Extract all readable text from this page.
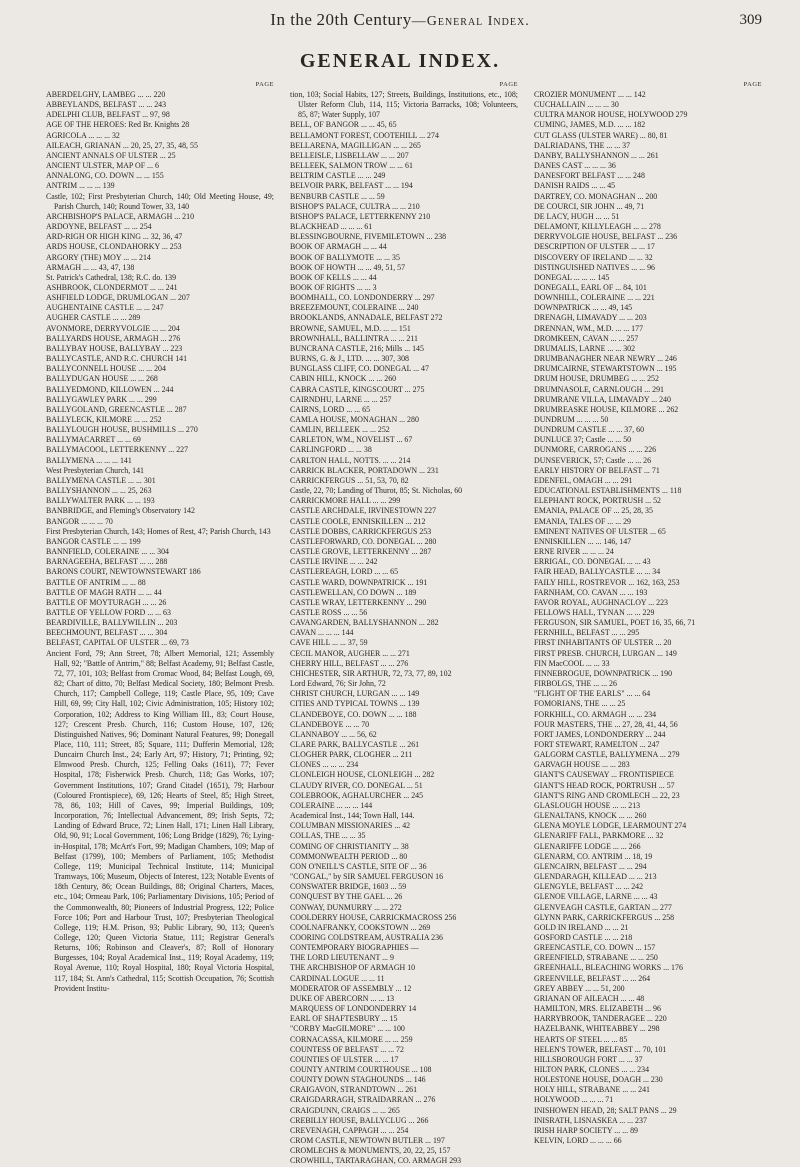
In the 20th Century—General Index.	309
GENERAL INDEX.
PAGE
ABERDELGHY, LAMBEG ... ... 220
ABBEYLANDS, BELFAST ... ... 243
ADELPHI CLUB, BELFAST ... 97, 98
AGE OF THE HEROES: Red Br. Knights 28
AGRICOLA ... ... ... 32
AILEACH, GRIANAN ... 20, 25, 27, 35, 48, 55
ANCIENT ANNALS OF ULSTER ... 25
ANCIENT ULSTER, MAP OF ... 6
ANNALONG, CO. DOWN ... ... 155
ANTRIM ... ... ... 139
Castle, 102; First Presbyterian Church, 140; Old Meeting House, 49; Parish Church, 140; Round Tower, 33, 140
ARCHBISHOP'S PALACE, ARMAGH ... 210
ARDOYNE, BELFAST ... ... 254
ARD-RIGH OR HIGH KING ... 32, 36, 47
ARDS HOUSE, CLONDAHORKY ... 253
ARGORY (THE) MOY ... ... 214
ARMAGH ... ... 43, 47, 138
St. Patrick's Cathedral, 138; R.C. do. 139
ASHBROOK, CLONDERMOT ... ... 241
ASHFIELD LODGE, DRUMLOGAN ... 207
AUGHENTAINE CASTLE ... ... 247
AUGHER CASTLE ... ... 289
AVONMORE, DERRYVOLGIE ... ... 204
BALLYARDS HOUSE, ARMAGH ... 276
BALLYBAY HOUSE, BALLYBAY ... 223
BALLYCASTLE, AND R.C. CHURCH 141
BALLYCONNELL HOUSE ... ... 204
BALLYDUGAN HOUSE ... ... 268
BALLYEDMOND, KILLOWEN ... 244
BALLYGAWLEY PARK ... ... 299
BALLYGOLAND, GREENCASTLE ... 287
BALLYLECK, KILMORE ... ... 252
BALLYLOUGH HOUSE, BUSHMILLS ... 270
BALLYMACARRET ... ... 69
BALLYMACOOL, LETTERKENNY ... 227
BALLYMENA ... ... ... 141
West Presbyterian Church, 141
BALLYMENA CASTLE ... ... 301
BALLYSHANNON ... ... 25, 263
BALLYWALTER PARK ... ... 193
BANBRIDGE, and Fleming's Observatory 142
BANGOR ... ... ... 70
First Presbyterian Church, 143; Homes of Rest, 47; Parish Church, 143
BANGOR CASTLE ... ... 199
BANNFIELD, COLERAINE ... ... 304
BARNAGEEHA, BELFAST ... ... 288
BARONS COURT, NEWTOWNSTEWART 186
BATTLE OF ANTRIM ... ... 88
BATTLE OF MAGH RATH ... ... 44
BATTLE OF MOYTURAGH ... ... 26
BATTLE OF YELLOW FORD ... ... 63
BEARDIVILLE, BALLYWILLIN ... 203
BEECHMOUNT, BELFAST ... ... 304
BELFAST, CAPITAL OF ULSTER ... 69, 73
Ancient Ford, 79; Ann Street, 78; Albert Memorial, 121; Assembly Hall, 92; "Battle of Antrim," 88; Belfast Academy, 91; Belfast Castle, 72, 77, 101, 103; Belfast from Cromac Wood, 84; Belfast Lough, 69, 82; Chart of ditto, 70; Belfast Medical Society, 180; Belmont Presb. Church, 117; Campbell College, 119; Castle Place, 95, 109; Cave Hill, 69, 99; City Hall, 102; Civic Administration, 105; History 102; Corporation, 102; Address to King William III., 83; Court House, 127; Crescent Presb. Church, 116; Custom House, 107, 126; Distinguished Natives, 96; Dominant Natural Features, 99; Donegall Place, 110, 111; Street, 85; Square, 111; Dufferin Memorial, 128; Duncairn Church Inst., 24; Early Art, 97; History, 71; Printing, 92; Elmwood Presb. Church, 125; Felling Oaks (1611), 77; Fever Hospital, 178; Fisherwick Presb. Church, 118; Gas Works, 107; Government Institutions, 107; Grand Citadel (1651), 79; Harbour (Coloured Frontispiece), 69, 126; Hearts of Steel, 85; High Street, 78, 86, 103; Hill of Caves, 99; Imperial Buildings, 109; Incorporation, 76; Intellectual Advancement, 89; Irish Septs, 72; Landing of Edward Bruce, 72; Linen Hall, 171; Linen Hall Library, Old, 90, 91; Local Government, 106; Long Bridge (1829), 76; Lying-in-Hospital, 178; McArt's Fort, 99; Madigan Chambers, 109; Map of Belfast (1799), 100; Members of Parliament, 105; Methodist College, 119; Municipal Technical Institute, 114; Municipal Tramways, 106; Museum, Objects of Interest, 123; Notable Events of 18th Century, 86; Ocean Buildings, 88; Original Charters, Maces, etc., 104; Ormeau Park, 106; Parliamentary Divisions, 105; Period of the Commonwealth, 80; Pioneers of Industrial Progress, 122; Police Force 106; Port and Harbour Trust, 107; Presbyterian Theological College, 119; H.M. Prison, 93; Public Library, 90, 113; Queen's College, 120; Queen Victoria Statue, 111; Registrar General's Returns, 106; Robinson and Cleaver's, 87; Roll of Honorary Burgesses, 104; Royal Academical Inst., 119; Royal Academy, 119; Royal Avenue, 110; Royal Hospital, 180; Royal Victoria Hospital, 117, 184; St. Ann's Cathedral, 115; Scottish Occupation, 76; Scottish Provident Institu-
PAGE
tion, 103; Social Habits, 127; Streets, Buildings, Institutions, etc., 108; Ulster Reform Club, 114, 115; Victoria Barracks, 108; Volunteers, 85, 87; Water Supply, 107
BELL, OF BANGOR ... ... 45, 65
BELLAMONT FOREST, COOTEHILL ... 274
BELLARENA, MAGILLIGAN ... ... 265
BELLEISLE, LISBELLAW ... ... 207
BELLEEK, SALMON TROW ... ... 61
BELTRIM CASTLE ... ... 249
BELVOIR PARK, BELFAST ... ... 194
BENBURB CASTLE ... ... 59
BISHOP'S PALACE, CULTRA ... ... 210
BISHOP'S PALACE, LETTERKENNY 210
BLACKHEAD ... ... ... 61
BLESSINGBOURNE, FIVEMILETOWN ... 238
BOOK OF ARMAGH ... ... 44
BOOK OF BALLYMOTE ... ... 35
BOOK OF HOWTH ... ... 49, 51, 57
BOOK OF KELLS ... ... 44
BOOK OF RIGHTS ... ... 3
BOOMHALL, CO. LONDONDERRY ... 297
BREEZEMOUNT, COLERAINE ... 240
BROOKLANDS, ANNADALE, BELFAST 272
BROWNE, SAMUEL, M.D. ... ... 151
BROWNHALL, BALLINTRA ... ... 211
BUNCRANA CASTLE, 216; Mills ... 145
BURNS, G. & J., LTD. ... ... 307, 308
BUNGLASS CLIFF, CO. DONEGAL ... 47
CABIN HILL, KNOCK ... ... 260
CABRA CASTLE, KINGSCOURT ... 275
CAIRNDHU, LARNE ... ... 257
CAIRNS, LORD ... ... 65
CAMLA HOUSE, MONAGHAN ... 280
CAMLIN, BELLEEK ... ... 252
CARLETON, WM., NOVELIST ... 67
CARLINGFORD ... ... 38
CARLTON HALL, NOTTS. ... ... 214
CARRICK BLACKER, PORTADOWN ... 231
CARRICKFERGUS ... 51, 53, 70, 82
Castle, 22, 70; Landing of Thurot, 85; St. Nicholas, 60
CARRICKMORE HALL ... ... 299
CASTLE ARCHDALE, IRVINESTOWN 227
CASTLE COOLE, ENNISKILLEN ... 212
CASTLE DOBBS, CARRICKFERGUS 253
CASTLEFORWARD, CO. DONEGAL ... 280
CASTLE GROVE, LETTERKENNY ... 287
CASTLE IRVINE ... ... 242
CASTLEREAGH, LORD ... ... 65
CASTLE WARD, DOWNPATRICK ... 191
CASTLEWELLAN, CO DOWN ... 189
CASTLE WRAY, LETTERKENNY ... 290
CASTLE ROSS ... ... 56
CAVANGARDEN, BALLYSHANNON ... 282
CAVAN ... ... ... 144
CAVE HILL ... ... 37, 59
CECIL MANOR, AUGHER ... ... 271
CHERRY HILL, BELFAST ... ... 276
CHICHESTER, SIR ARTHUR, 72, 73, 77, 89, 102
Lord Edward, 76; Sir John, 72
CHRIST CHURCH, LURGAN ... ... 149
CITIES AND TYPICAL TOWNS ... 139
CLANDEBOYE, CO. DOWN ... ... 188
CLANDEBOYE ... ... 70
CLANNABOY ... ... 56, 62
CLARE PARK, BALLYCASTLE ... 261
CLOGHER PARK, CLOGHER ... 211
CLONES ... ... ... 234
CLONLEIGH HOUSE, CLONLEIGH ... 282
CLAUDY RIVER, CO. DONEGAL ... 51
COLEBROOK, AGHALURCHER ... 245
COLERAINE ... ... ... 144
Academical Inst., 144; Town Hall, 144.
COLUMBAN MISSIONARIES ... 42
COLLAS, THE ... ... 35
COMING OF CHRISTIANITY ... 38
COMMONWEALTH PERIOD ... 80
CON O'NEILL'S CASTLE, SITE OF ... 36
"CONGAL," by SIR SAMUEL FERGUSON 16
CONSWATER BRIDGE, 1603 ... 59
CONQUEST BY THE GAEL ... 26
CONWAY, DUNMURRY ... ... 272
COOLDERRY HOUSE, CARRICKMACROSS 256
COOLNAFRANKY, COOKSTOWN ... 269
COORING COLDSTREAM, AUSTRALIA 236
CONTEMPORARY BIOGRAPHIES —
THE LORD LIEUTENANT ... 9
THE ARCHBISHOP OF ARMAGH 10
CARDINAL LOGUE ... ... 11
MODERATOR OF ASSEMBLY ... 12
DUKE OF ABERCORN ... ... 13
MARQUESS OF LONDONDERRY 14
EARL OF SHAFTESBURY ... 15
"CORBY MacGILMORE" ... ... 100
CORNACASSA, KILMORE ... ... 259
COUNTESS OF BELFAST ... ... 72
COUNTIES OF ULSTER ... ... 17
COUNTY ANTRIM COURTHOUSE ... 108
COUNTY DOWN STAGHOUNDS ... 146
CRAIGAVON, STRANDTOWN ... 261
CRAIGDARRAGH, STRAIDARRAN ... 276
CRAIGDUNN, CRAIGS ... ... 265
CREBILLY HOUSE, BALLYCLUG ... 266
CREVENAGH, CAPPAGH ... ... 254
CROM CASTLE, NEWTOWN BUTLER ... 197
CROMLECHS & MONUMENTS, 20, 22, 25, 157
CROWHILL, TARTARAGHAN, CO. ARMAGH 293
PAGE
CROZIER MONUMENT ... ... 142
CUCHALLAIN ... ... ... 30
CULTRA MANOR HOUSE, HOLYWOOD 279
CUMING, JAMES, M.D. ... ... 182
CUT GLASS (ULSTER WARE) ... 80, 81
DALRIADANS, THE ... ... 37
DANBY, BALLYSHANNON ... ... 261
DANES CAST ... ... ... 36
DANESFORT BELFAST ... ... 248
DANISH RAIDS ... ... 45
DARTREY, CO. MONAGHAN ... 200
DE COURCI, SIR JOHN ... 49, 71
DE LACY, HUGH ... ... 51
DELAMONT, KILLYLEAGH ... ... 278
DERRYVOLGIE HOUSE, BELFAST ... 236
DESCRIPTION OF ULSTER ... ... 17
DISCOVERY OF IRELAND ... ... 32
DISTINGUISHED NATIVES ... ... 96
DONEGAL ... ... ... 145
DONEGALL, EARL OF ... 84, 101
DOWNHILL, COLERAINE ... ... 221
DOWNPATRICK ... ... 49, 145
DRENAGH, LIMAVADY ... ... 203
DRENNAN, WM., M.D. ... ... 177
DROMKEEN, CAVAN ... ... 257
DRUMALIS, LARNE ... ... 302
DRUMBANAGHER NEAR NEWRY ... 246
DRUMCAIRNE, STEWARTSTOWN ... 195
DRUM HOUSE, DRUMBEG ... ... 252
DRUMNASOLE, CARNLOUGH ... 291
DRUMRANE VILLA, LIMAVADY ... 240
DRUMREASKE HOUSE, KILMORE ... 262
DUNDRUM ... ... ... 50
DUNDRUM CASTLE ... ... 37, 60
DUNLUCE 37; Castle ... ... 50
DUNMORE, CARROGANS ... ... 226
DUNSEVERICK, 57; Castle ... ... 26
EARLY HISTORY OF BELFAST ... 71
EDENFEL, OMAGH ... ... 291
EDUCATIONAL ESTABLISHMENTS ... 118
ELEPHANT ROCK, PORTRUSH ... 52
EMANIA, PALACE OF ... 25, 28, 35
EMANIA, TALES OF ... ... 29
EMINENT NATIVES OF ULSTER ... 65
ENNISKILLEN ... ... 146, 147
ERNE RIVER ... ... ... 24
ERRIGAL, CO. DONEGAL ... ... 43
FAIR HEAD, BALLYCASTLE ... ... 34
FAILY HILL, ROSTREVOR ... 162, 163, 253
FARNHAM, CO. CAVAN ... ... 193
FAVOR ROYAL, AUGHNACLOY ... 223
FELLOWS HALL, TYNAN ... ... 229
FERGUSON, SIR SAMUEL, POET 16, 35, 66, 71
FERNHILL, BELFAST ... ... 295
FIRST INHABITANTS OF ULSTER ... 20
FIRST PRESB. CHURCH, LURGAN ... 149
FIN MacCOOL ... ... 33
FINNEBROGUE, DOWNPATRICK ... 190
FIRBOLGS, THE ... ... 26
"FLIGHT OF THE EARLS" ... ... 64
FOMORIANS, THE ... ... 25
FORKHILL, CO. ARMAGH ... ... 234
FOUR MASTERS, THE ... 27, 28, 41, 44, 56
FORT JAMES, LONDONDERRY ... 244
FORT STEWART, RAMELTON ... 247
GALGORM CASTLE, BALLYMENA ... 279
GARVAGH HOUSE ... ... 283
GIANT'S CAUSEWAY ... FRONTISPIECE
GIANT'S HEAD ROCK, PORTRUSH ... 57
GIANT'S RING AND CROMLECH ... 22, 23
GLASLOUGH HOUSE ... ... 213
GLENALTANS, KNOCK ... ... 260
GLENA MOYLE LODGE, LEARMOUNT 274
GLENARIFF FALL, PARKMORE ... 32
GLENARIFFE LODGE ... ... 266
GLENARM, CO. ANTRIM ... 18, 19
GLENCAIRN, BELFAST ... ... 294
GLENDARAGH, KILLEAD ... ... 213
GLENGYLE, BELFAST ... ... 242
GLENOE VILLAGE, LARNE ... ... 43
GLENVEAGH CASTLE, GARTAN ... 277
GLYNN PARK, CARRICKFERGUS ... 258
GOLD IN IRELAND ... ... 21
GOSFORD CASTLE ... ... 218
GREENCASTLE, CO. DOWN ... 157
GREENFIELD, STRABANE ... ... 250
GREENHALL, BLEACHING WORKS ... 176
GREENVILLE, BELFAST ... ... 264
GREY ABBEY ... ... 51, 200
GRIANAN OF AILEACH ... ... 48
HAMILTON, MRS. ELIZABETH ... 96
HARRYBROOK, TANDERAGEE ... 220
HAZELBANK, WHITEABBEY ... 298
HEARTS OF STEEL ... ... 85
HELEN'S TOWER, BELFAST ... 70, 101
HILLSBOROUGH FORT ... ... 37
HILTON PARK, CLONES ... ... 234
HOLESTONE HOUSE, DOAGH ... 230
HOLY HILL, STRABANE ... ... 241
HOLYWOOD ... ... ... 71
INISHOWEN HEAD, 28; SALT PANS ... 29
INISRATH, LISNASKEA ... ... 237
IRISH HARP SOCIETY ... ... 89
KELVIN, LORD ... ... ... 66
